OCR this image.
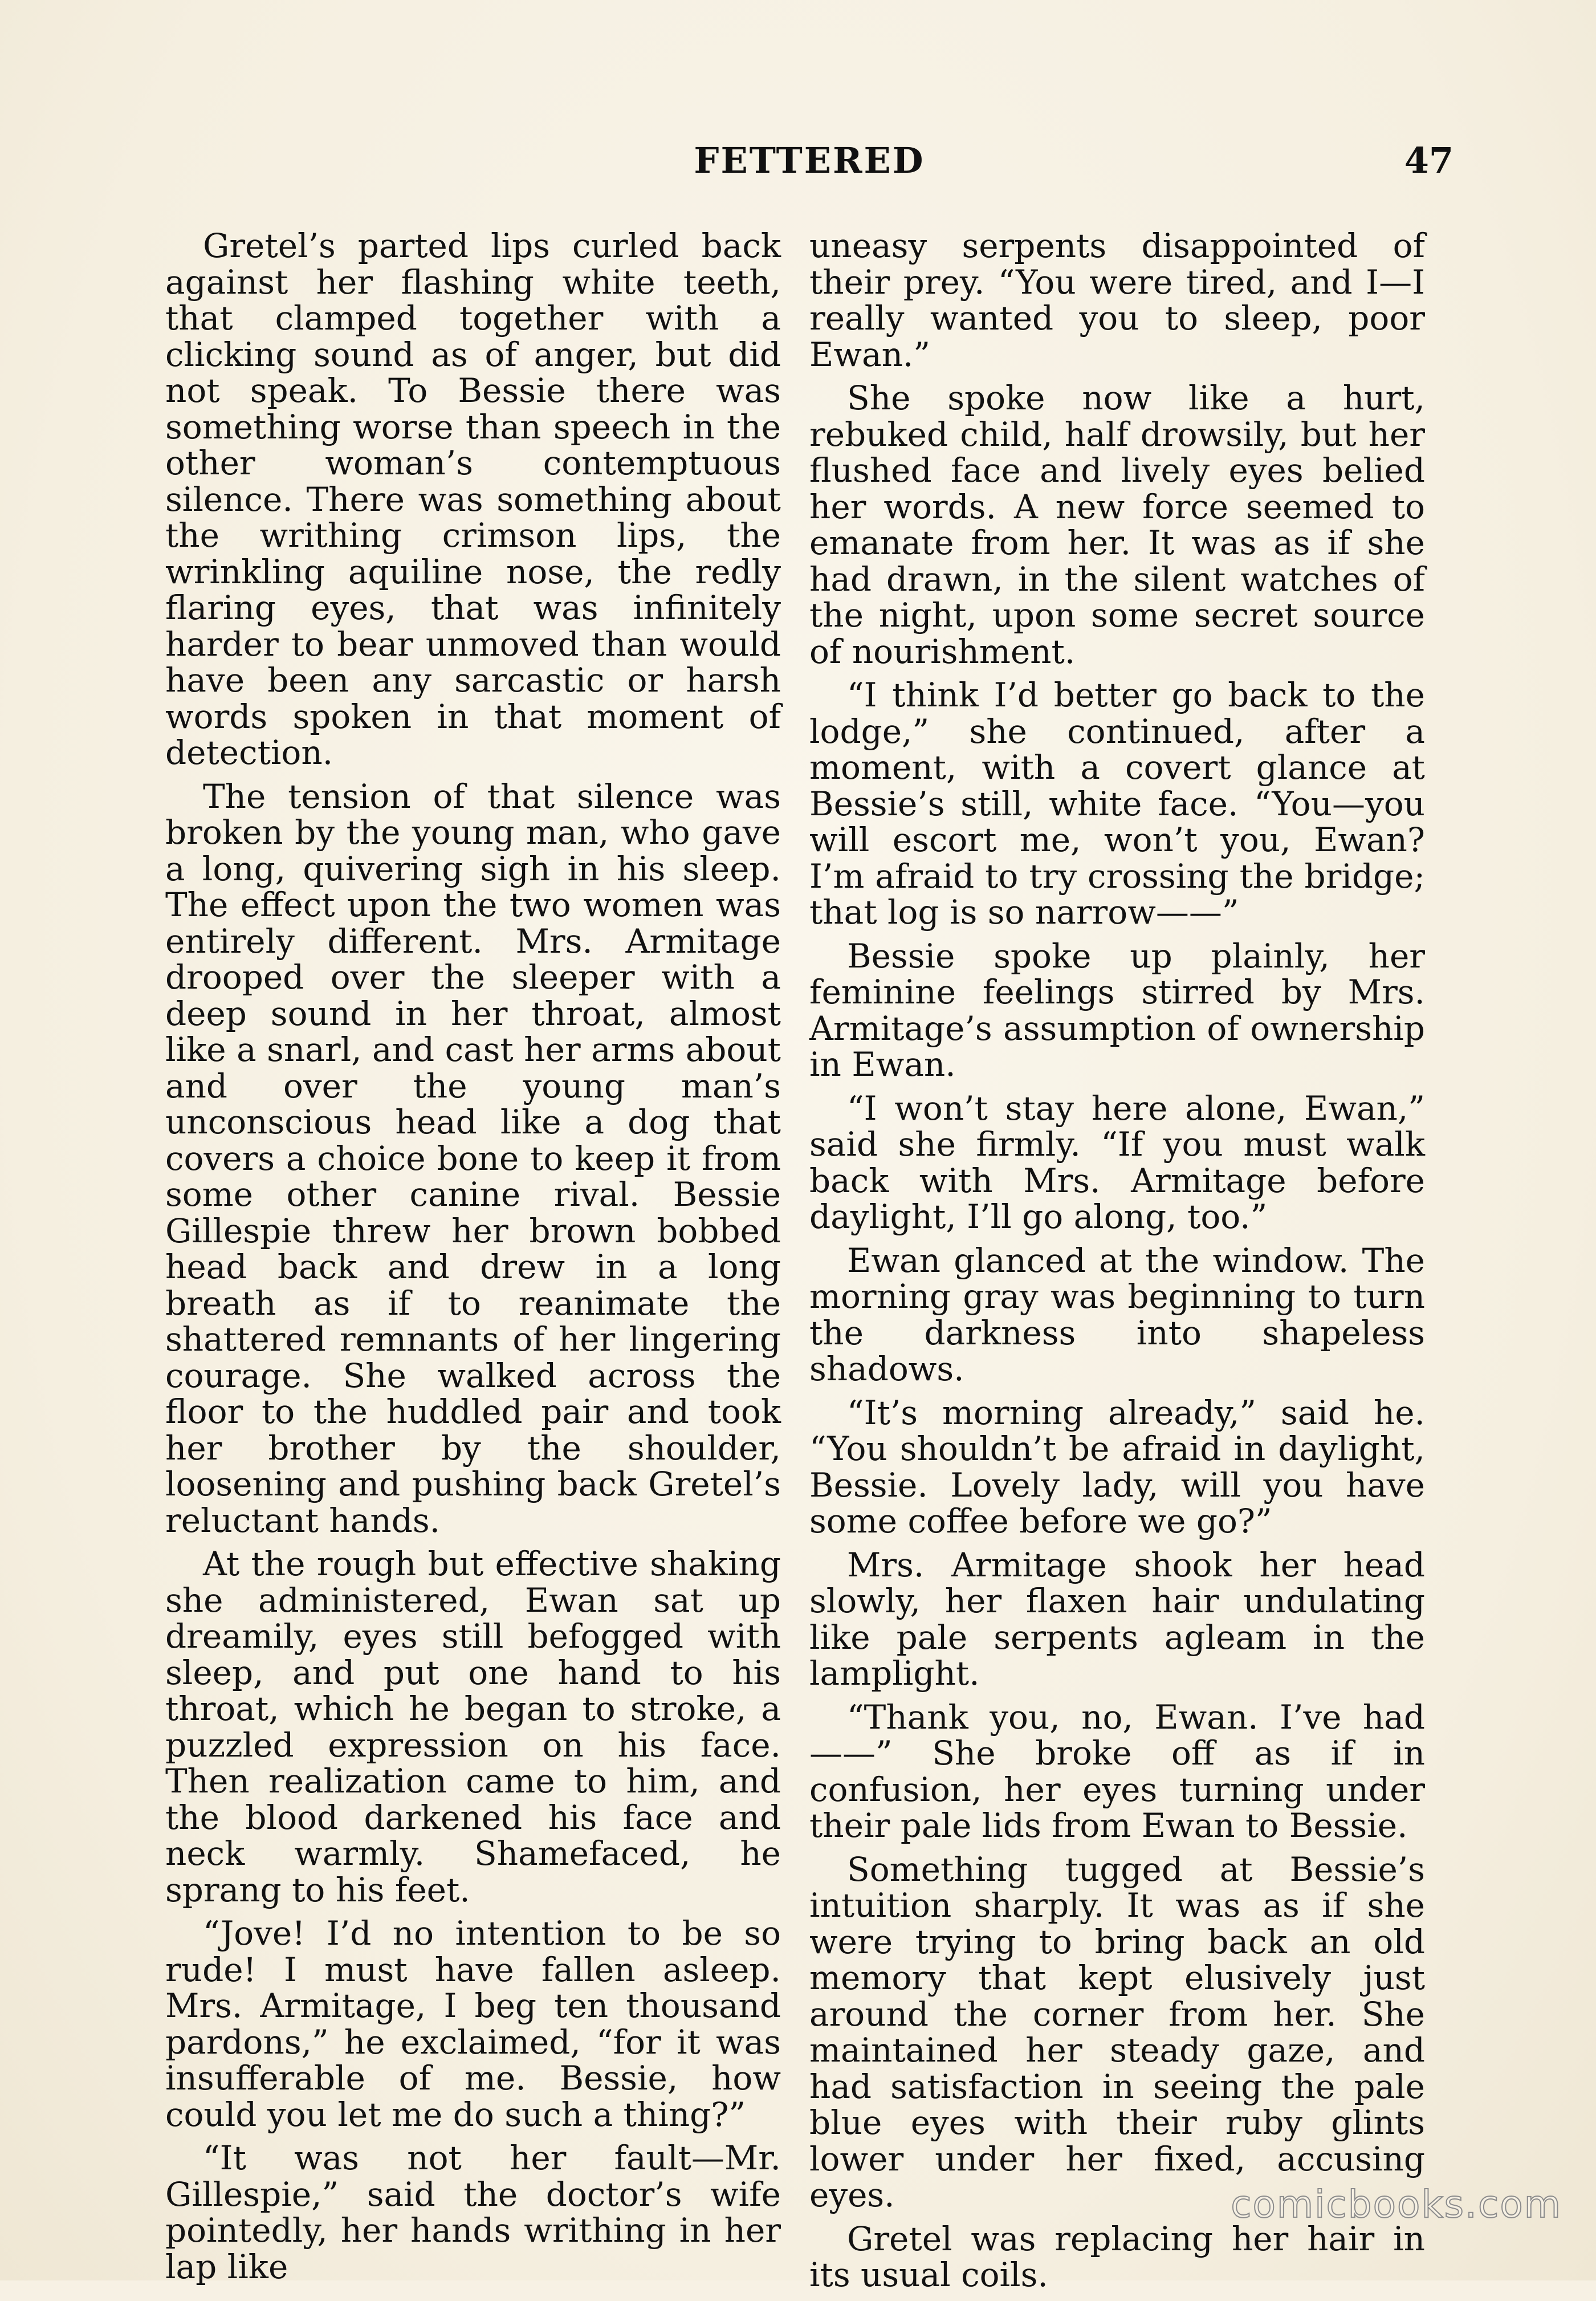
FETTERED	47

Gretel’s parted lips curled back against her flashing white teeth, that clamped together with a clicking sound as of anger, but did not speak. To Bessie there was something worse than speech in the other woman’s contemptuous silence. There was something about the writhing crimson lips, the wrinkling aquiline nose, the redly flaring eyes, that was infinitely harder to bear unmoved than would have been any sarcastic or harsh words spoken in that moment of detection.

The tension of that silence was broken by the young man, who gave a long, quivering sigh in his sleep. The effect upon the two women was entirely different. Mrs. Armitage drooped over the sleeper with a deep sound in her throat, almost like a snarl, and cast her arms about and over the young man’s unconscious head like a dog that covers a choice bone to keep it from some other canine rival. Bessie Gillespie threw her brown bobbed head back and drew in a long breath as if to reanimate the shattered remnants of her lingering courage. She walked across the floor to the huddled pair and took her brother by the shoulder, loosening and pushing back Gretel’s reluctant hands.

At the rough but effective shaking she administered, Ewan sat up dreamily, eyes still befogged with sleep, and put one hand to his throat, which he began to stroke, a puzzled expression on his face. Then realization came to him, and the blood darkened his face and neck warmly. Shamefaced, he sprang to his feet.

“Jove! I’d no intention to be so rude! I must have fallen asleep. Mrs. Armitage, I beg ten thousand pardons,” he exclaimed, “for it was insufferable of me. Bessie, how could you let me do such a thing?”

“It was not her fault—Mr. Gillespie,” said the doctor’s wife pointedly, her hands writhing in her lap like

uneasy serpents disappointed of their prey. “You were tired, and I—I really wanted you to sleep, poor Ewan.”

She spoke now like a hurt, rebuked child, half drowsily, but her flushed face and lively eyes belied her words. A new force seemed to emanate from her. It was as if she had drawn, in the silent watches of the night, upon some secret source of nourishment.

“I think I’d better go back to the lodge,” she continued, after a moment, with a covert glance at Bessie’s still, white face. “You—you will escort me, won’t you, Ewan? I’m afraid to try crossing the bridge; that log is so narrow——”

Bessie spoke up plainly, her feminine feelings stirred by Mrs. Armitage’s assumption of ownership in Ewan.

“I won’t stay here alone, Ewan,” said she firmly. “If you must walk back with Mrs. Armitage before daylight, I’ll go along, too.”

Ewan glanced at the window. The morning gray was beginning to turn the darkness into shapeless shadows.

“It’s morning already,” said he. “You shouldn’t be afraid in daylight, Bessie. Lovely lady, will you have some coffee before we go?”

Mrs. Armitage shook her head slowly, her flaxen hair undulating like pale serpents agleam in the lamplight.

“Thank you, no, Ewan. I’ve had ——” She broke off as if in confusion, her eyes turning under their pale lids from Ewan to Bessie.

Something tugged at Bessie’s intuition sharply. It was as if she were trying to bring back an old memory that kept elusively just around the corner from her. She maintained her steady gaze, and had satisfaction in seeing the pale blue eyes with their ruby glints lower under her fixed, accusing eyes.

Gretel was replacing her hair in its usual coils.

comicbooks.com
